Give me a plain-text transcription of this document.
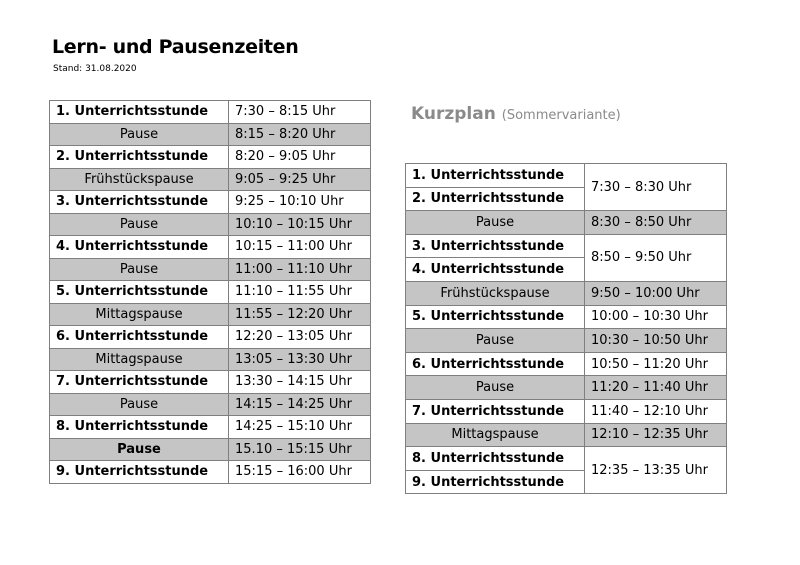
Lern- und Pausenzeiten
Stand: 31.08.2020
1. Unterrichtsstunde	7:30 – 8:15 Uhr
Pause	8:15 – 8:20 Uhr
2. Unterrichtsstunde	8:20 – 9:05 Uhr
Frühstückspause	9:05 – 9:25 Uhr
3. Unterrichtsstunde	9:25 – 10:10 Uhr
Pause	10:10 – 10:15 Uhr
4. Unterrichtsstunde	10:15 – 11:00 Uhr
Pause	11:00 – 11:10 Uhr
5. Unterrichtsstunde	11:10 – 11:55 Uhr
Mittagspause	11:55 – 12:20 Uhr
6. Unterrichtsstunde	12:20 – 13:05 Uhr
Mittagspause	13:05 – 13:30 Uhr
7. Unterrichtsstunde	13:30 – 14:15 Uhr
Pause	14:15 – 14:25 Uhr
8. Unterrichtsstunde	14:25 – 15:10 Uhr
Pause	15.10 – 15:15 Uhr
9. Unterrichtsstunde	15:15 – 16:00 Uhr
Kurzplan (Sommervariante)
1. Unterrichtsstunde	7:30 – 8:30 Uhr
2. Unterrichtsstunde	
Pause	8:30 – 8:50 Uhr
3. Unterrichtsstunde	8:50 – 9:50 Uhr
4. Unterrichtsstunde	
Frühstückspause	9:50 – 10:00 Uhr
5. Unterrichtsstunde	10:00 – 10:30 Uhr
Pause	10:30 – 10:50 Uhr
6. Unterrichtsstunde	10:50 – 11:20 Uhr
Pause	11:20 – 11:40 Uhr
7. Unterrichtsstunde	11:40 – 12:10 Uhr
Mittagspause	12:10 – 12:35 Uhr
8. Unterrichtsstunde	12:35 – 13:35 Uhr
9. Unterrichtsstunde	
